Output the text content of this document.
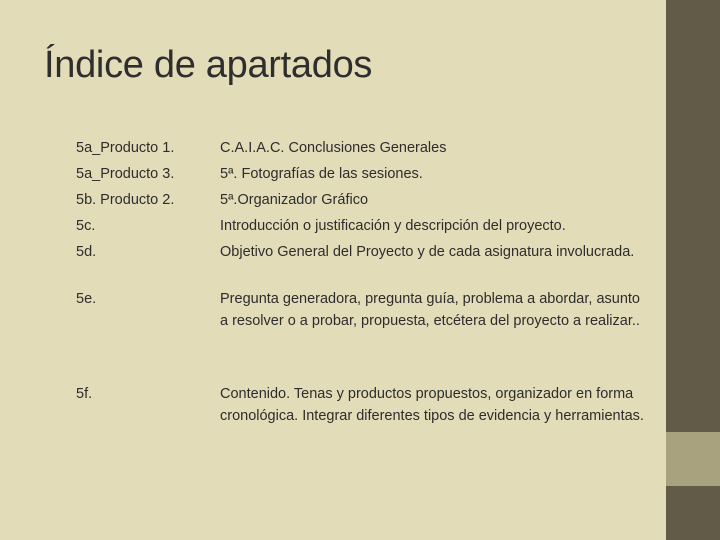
Índice de apartados
5a_Producto 1.	C.A.I.A.C. Conclusiones Generales
5a_Producto 3.	5ª. Fotografías de las sesiones.
5b. Producto 2.	5ª.Organizador Gráfico
5c.	Introducción o justificación y descripción del proyecto.
5d.	Objetivo General del Proyecto y de cada asignatura involucrada.
5e.	Pregunta generadora, pregunta guía, problema a abordar, asunto a resolver o a probar, propuesta, etcétera del proyecto a realizar..
5f.	Contenido. Tenas y productos propuestos, organizador en forma cronológica. Integrar diferentes tipos de evidencia y herramientas.
